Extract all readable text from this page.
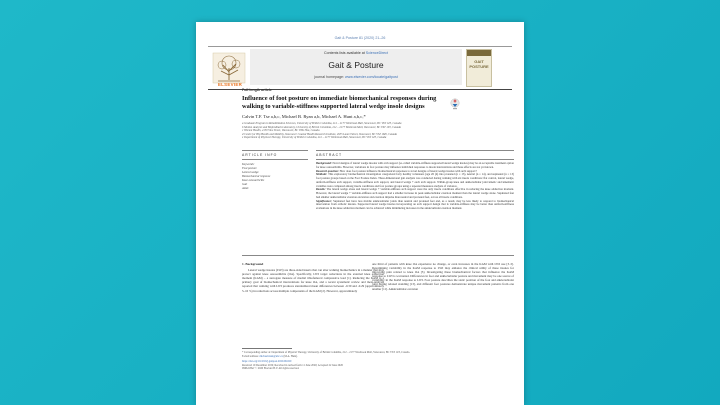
Gait & Posture 81 (2020) 21–26
ELSEVIER
Contents lists available at ScienceDirect
Gait & Posture
journal homepage: www.elsevier.com/locate/gaitpost
GAIT POSTURE
Full length article
Influence of foot posture on immediate biomechanical responses during walking to variable-stiffness supported lateral wedge insole designs
Calvin T.F. Tse a,b,c, Michael B. Ryan a,b, Michael A. Hunt a,b,c,*
a Graduate Program in Rehabilitation Sciences, University of British Columbia, 212 – 2177 Wesbrook Mall, Vancouver, BC V6T 1Z3, Canada
b Motion Analysis and Biofeedback Laboratory, University of British Columbia, 212 – 2177 Wesbrook Mall, Vancouver, BC V6T 1Z3, Canada
c Vibrant Health, 2150 Vine Street, Vancouver, BC V6K 3K4, Canada
d Centre for Hip Health and Mobility, Vancouver Coastal Health Research Institute, 2635 Laurel Street, Vancouver, BC V5Z 1M9, Canada
e Department of Physical Therapy, University of British Columbia, 212 – 2177 Wesbrook Mall, Vancouver, BC V6T 1Z3, Canada
ARTICLE INFO	ABSTRACT
Keywords:
Foot posture
Lateral wedge
Biomechanical response
Knee osteoarthritis
Gait
Ankle

Background: Novel designs of lateral wedge insoles with arch support (so-called variable-stiffness supported lateral wedge insoles) may be an acceptable treatment option for knee osteoarthritis. However, variations in foot posture may influence individual responses to insole interventions and these effects are not yet known.

Research question: How does foot posture influence biomechanical responses to novel designs of lateral wedge insoles with arch support?

Methods: This exploratory biomechanical investigation categorized forty healthy volunteers (age 26 (4) into pronated (n = 13), neutral (n = 14), and supinated (n = 13) foot posture groups based on the Foot Posture Index. Three-dimensional gait analysis was conducted during walking with six insole conditions: flat control, lateral wedge, uniform-stiffness arch support, variable-stiffness arch support, and lateral wedge + each arch support. Within-group knee and ankle/subtalar joint kinetic and kinematic variables were compared among insole conditions and foot posture groups using a repeated measures analysis of variance.

Results: The lateral wedge alone and lateral wedge + variable-stiffness arch support were the only insole conditions effective in reducing the knee adduction moment. However, the lateral wedge + variable-stiffness arch support had a smaller increase in peak ankle/subtalar eversion moment than the lateral wedge alone. Supinated feet had smaller ankle/subtalar eversion excursion and eversion impulse than neutral and pronated feet, across all insole conditions.

Significance: Supinated feet have less mobile ankle/subtalar joints than neutral and pronated feet and, as a result, may be less likely to respond to biomechanical intervention from orthotic insoles. Supported lateral wedge insoles incorporating an arch support design that is variable-stiffness may be better than uniform-stiffness evaluations in the knee adduction moment can be achieved while minimizing increases in the ankle/subtalar eversion moment.

1. Background

Lateral wedge insoles (LWI) are three-sided inserts that can alter walking biomechanics in a manner that may protect against knee osteoarthritis (OA). Specifically, LWI target reductions in the external knee adduction moment (KAM) – a surrogate measure of medial tibiofemoral compressive load [1]. Reducing the KAM is a primary goal of biomechanical interventions for knee OA, and a recent systematic review and meta-analysis reported that walking with LWI produces standardized mean differences between -0.30 and -0.29 (approximately 5–10 %) in reductions across multiple components of the KAM [2]. However, approximately

one third of patients with knee OA experience no change, or even increases in the KAM with LWI use [3–5]. Determining variability in the KAM response to LWI may enhance the clinical utility of these insoles for improving pain related to knee OA [5]. Investigating these biomechanical factors that influence the KAM response to LWI is warranted. Differences in foot and ankle/subtalar posture and movement may be one source of variability in the KAM response to LWI. Foot posture describes the static position of the foot and ankle/subtalar joint during relaxed standing [13], and different foot postures demonstrate unique movement patterns from one another [11]. Ankle/subtalar eversion

* Corresponding author at: Department of Physical Therapy, University of British Columbia, 212 – 2177 Wesbrook Mall, Vancouver, BC V6T 1Z3, Canada.
E-mail address: michael.hunt@ubc.ca (M.A. Hunt).
https://doi.org/10.1016/j.gaitpost.2020.06.020
Received 19 December 2019; Received in revised form 11 June 2020; Accepted 22 June 2020
0966-6362/ © 2020 Elsevier B.V. All rights reserved.
